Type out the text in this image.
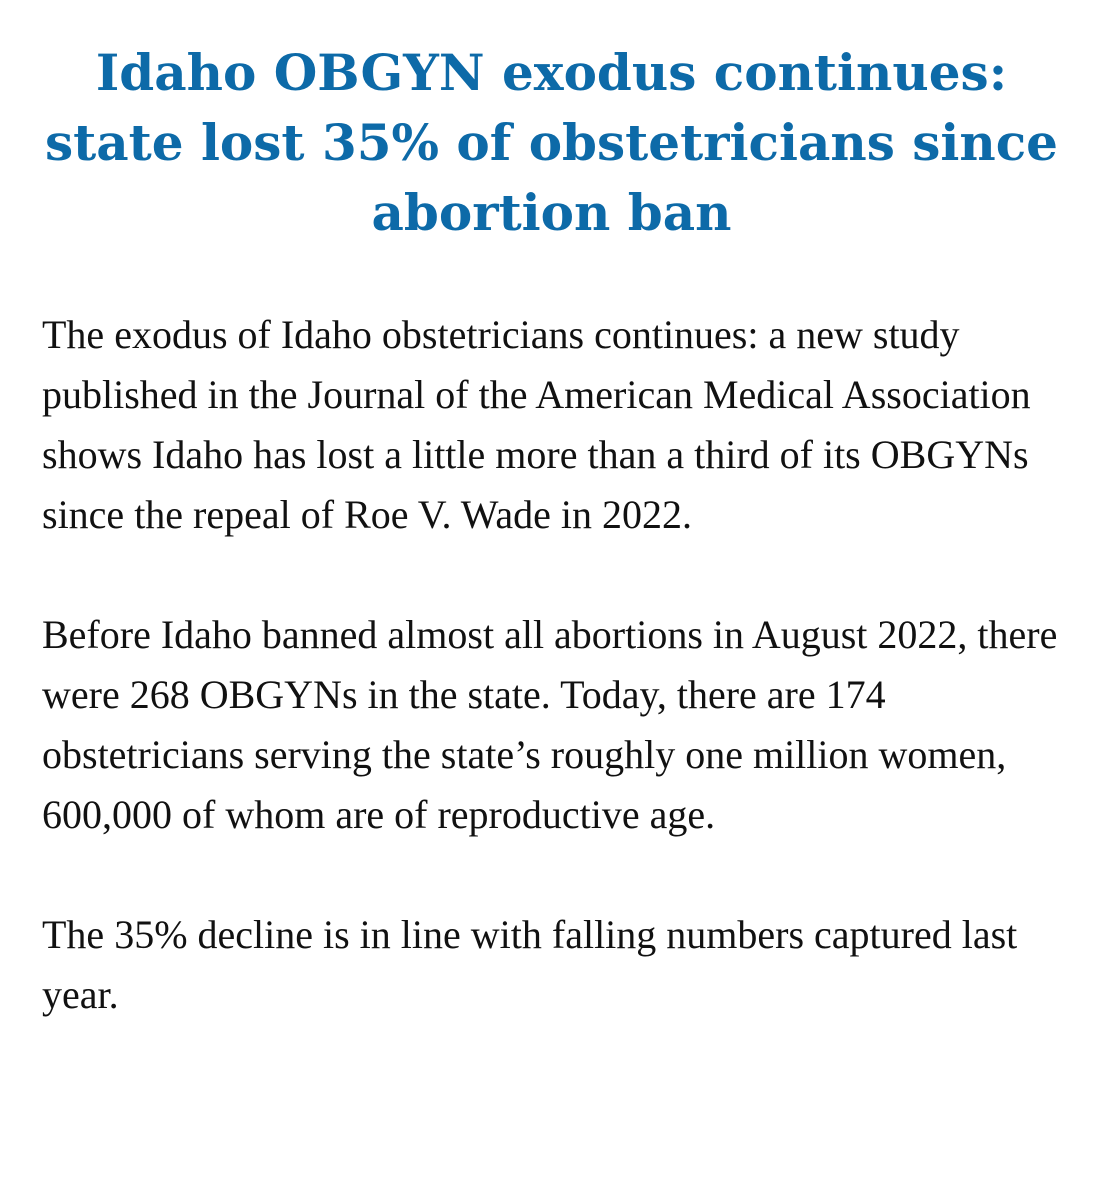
Idaho OBGYN exodus continues: state lost 35% of obstetricians since abortion ban

The exodus of Idaho obstetricians continues: a new study published in the Journal of the American Medical Association shows Idaho has lost a little more than a third of its OBGYNs since the repeal of Roe V. Wade in 2022.

Before Idaho banned almost all abortions in August 2022, there were 268 OBGYNs in the state. Today, there are 174 obstetricians serving the state’s roughly one million women, 600,000 of whom are of reproductive age.

The 35% decline is in line with falling numbers captured last year.
